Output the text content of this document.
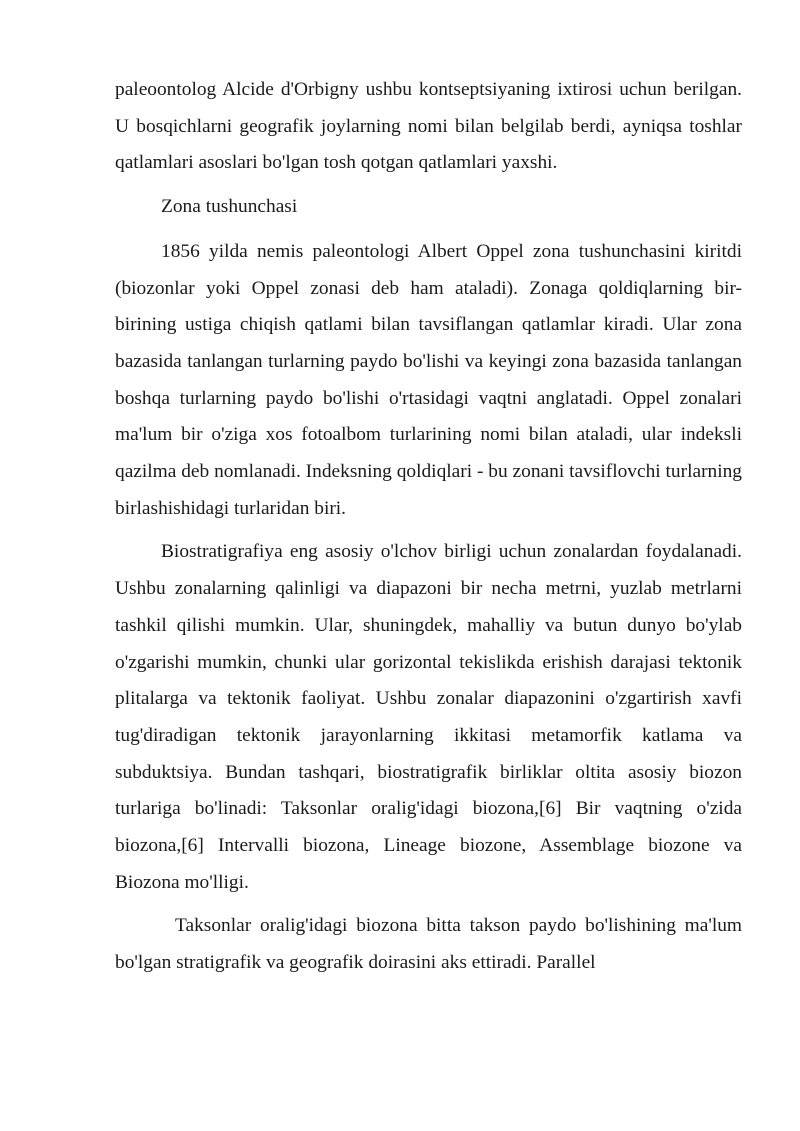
paleoontolog Alcide d'Orbigny ushbu kontseptsiyaning ixtirosi uchun berilgan. U bosqichlarni geografik joylarning nomi bilan belgilab berdi, ayniqsa toshlar qatlamlari asoslari bo'lgan tosh qotgan qatlamlari yaxshi.

Zona tushunchasi

1856 yilda nemis paleontologi Albert Oppel zona tushunchasini kiritdi (biozonlar yoki Oppel zonasi deb ham ataladi). Zonaga qoldiqlarning bir-birining ustiga chiqish qatlami bilan tavsiflangan qatlamlar kiradi. Ular zona bazasida tanlangan turlarning paydo bo'lishi va keyingi zona bazasida tanlangan boshqa turlarning paydo bo'lishi o'rtasidagi vaqtni anglatadi. Oppel zonalari ma'lum bir o'ziga xos fotoalbom turlarining nomi bilan ataladi, ular indeksli qazilma deb nomlanadi. Indeksning qoldiqlari - bu zonani tavsiflovchi turlarning birlashishidagi turlaridan biri.

Biostratigrafiya eng asosiy o'lchov birligi uchun zonalardan foydalanadi. Ushbu zonalarning qalinligi va diapazoni bir necha metrni, yuzlab metrlarni tashkil qilishi mumkin. Ular, shuningdek, mahalliy va butun dunyo bo'ylab o'zgarishi mumkin, chunki ular gorizontal tekislikda erishish darajasi tektonik plitalarga va tektonik faoliyat. Ushbu zonalar diapazonini o'zgartirish xavfi tug'diradigan tektonik jarayonlarning ikkitasi metamorfik katlama va subduktsiya. Bundan tashqari, biostratigrafik birliklar oltita asosiy biozon turlariga bo'linadi: Taksonlar oralig'idagi biozona,[6] Bir vaqtning o'zida biozona,[6] Intervalli biozona, Lineage biozone, Assemblage biozone va Biozona mo'lligi.

Taksonlar oralig'idagi biozona bitta takson paydo bo'lishining ma'lum bo'lgan stratigrafik va geografik doirasini aks ettiradi. Parallel
